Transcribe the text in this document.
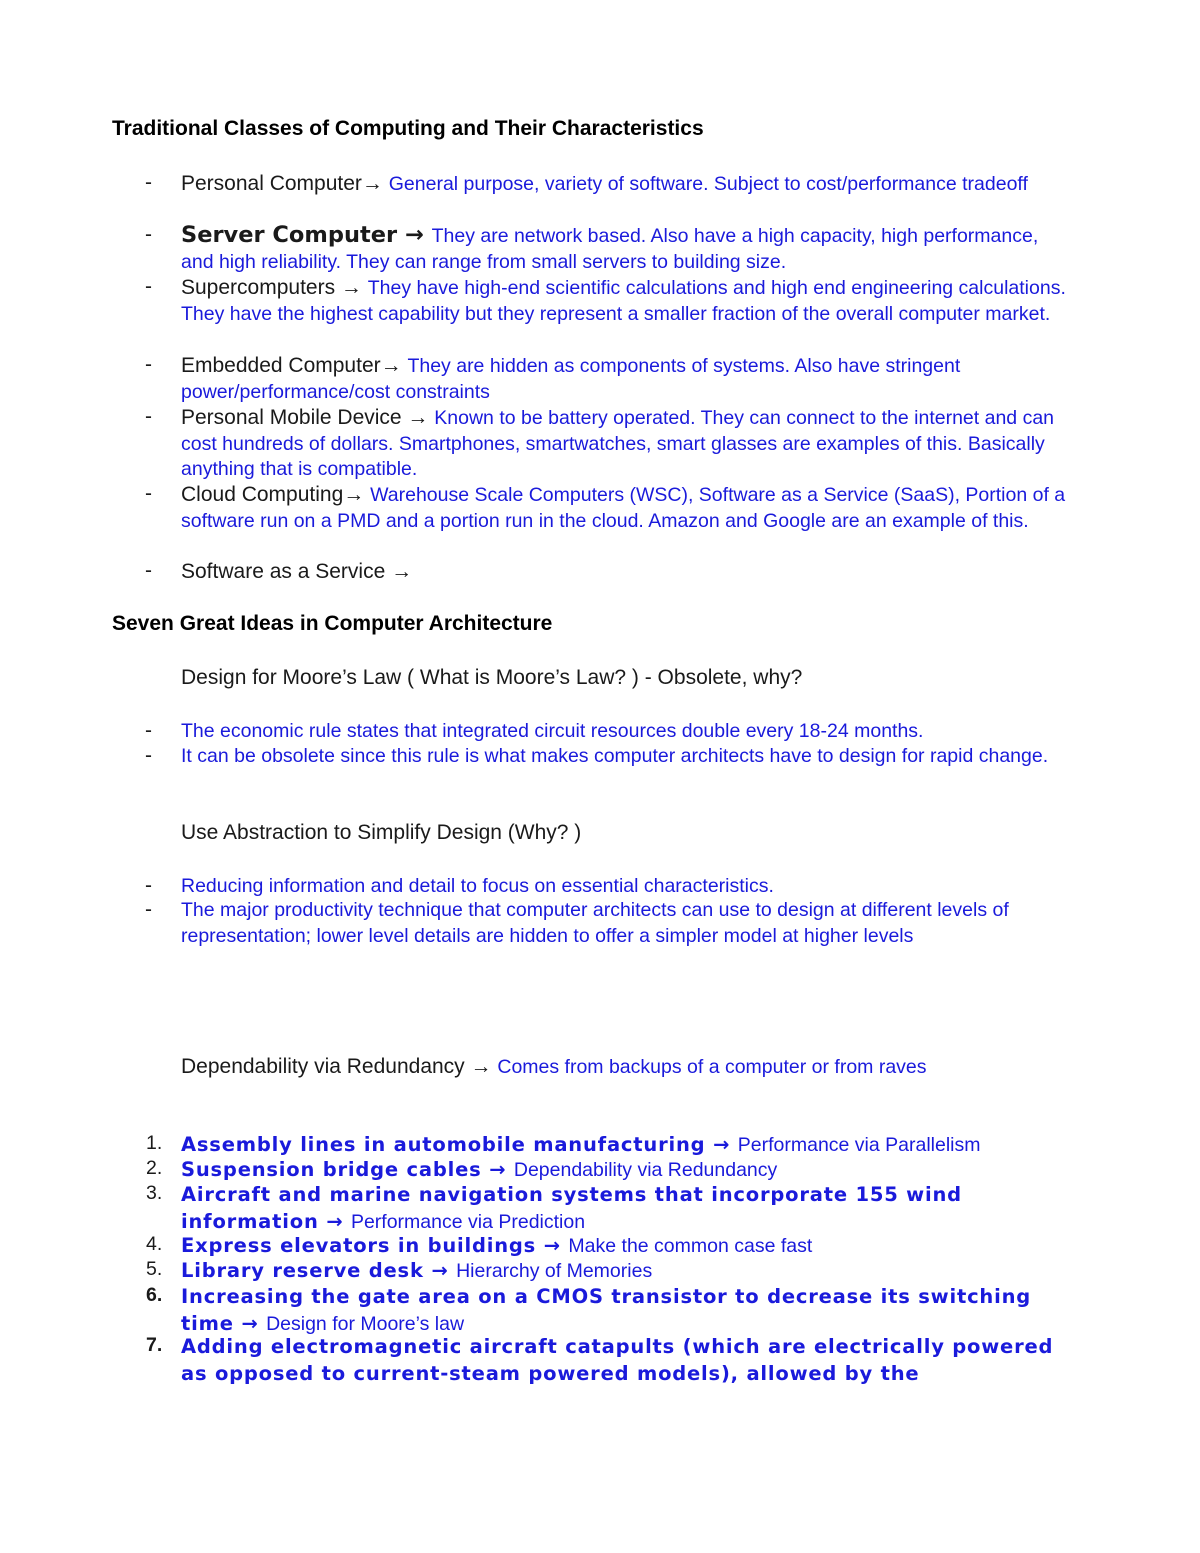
Traditional Classes of Computing and Their Characteristics
- Personal Computer→ General purpose, variety of software. Subject to cost/performance tradeoff
- Server Computer → They are network based. Also have a high capacity, high performance, and high reliability. They can range from small servers to building size.
- Supercomputers → They have high-end scientific calculations and high end engineering calculations. They have the highest capability but they represent a smaller fraction of the overall computer market.
- Embedded Computer→ They are hidden as components of systems. Also have stringent power/performance/cost constraints
- Personal Mobile Device → Known to be battery operated. They can connect to the internet and can cost hundreds of dollars. Smartphones, smartwatches, smart glasses are examples of this. Basically anything that is compatible.
- Cloud Computing→ Warehouse Scale Computers (WSC), Software as a Service (SaaS), Portion of a software run on a PMD and a portion run in the cloud. Amazon and Google are an example of this.
- Software as a Service →
Seven Great Ideas in Computer Architecture
Design for Moore’s Law ( What is Moore’s Law? ) - Obsolete, why?
- The economic rule states that integrated circuit resources double every 18-24 months.
- It can be obsolete since this rule is what makes computer architects have to design for rapid change.
Use Abstraction to Simplify Design (Why? )
- Reducing information and detail to focus on essential characteristics.
- The major productivity technique that computer architects can use to design at different levels of representation; lower level details are hidden to offer a simpler model at higher levels
Dependability via Redundancy → Comes from backups of a computer or from raves
1. Assembly lines in automobile manufacturing → Performance via Parallelism
2. Suspension bridge cables → Dependability via Redundancy
3. Aircraft and marine navigation systems that incorporate 155 wind information → Performance via Prediction
4. Express elevators in buildings → Make the common case fast
5. Library reserve desk → Hierarchy of Memories
6. Increasing the gate area on a CMOS transistor to decrease its switching time → Design for Moore’s law
7. Adding electromagnetic aircraft catapults (which are electrically powered as opposed to current-steam powered models), allowed by the
